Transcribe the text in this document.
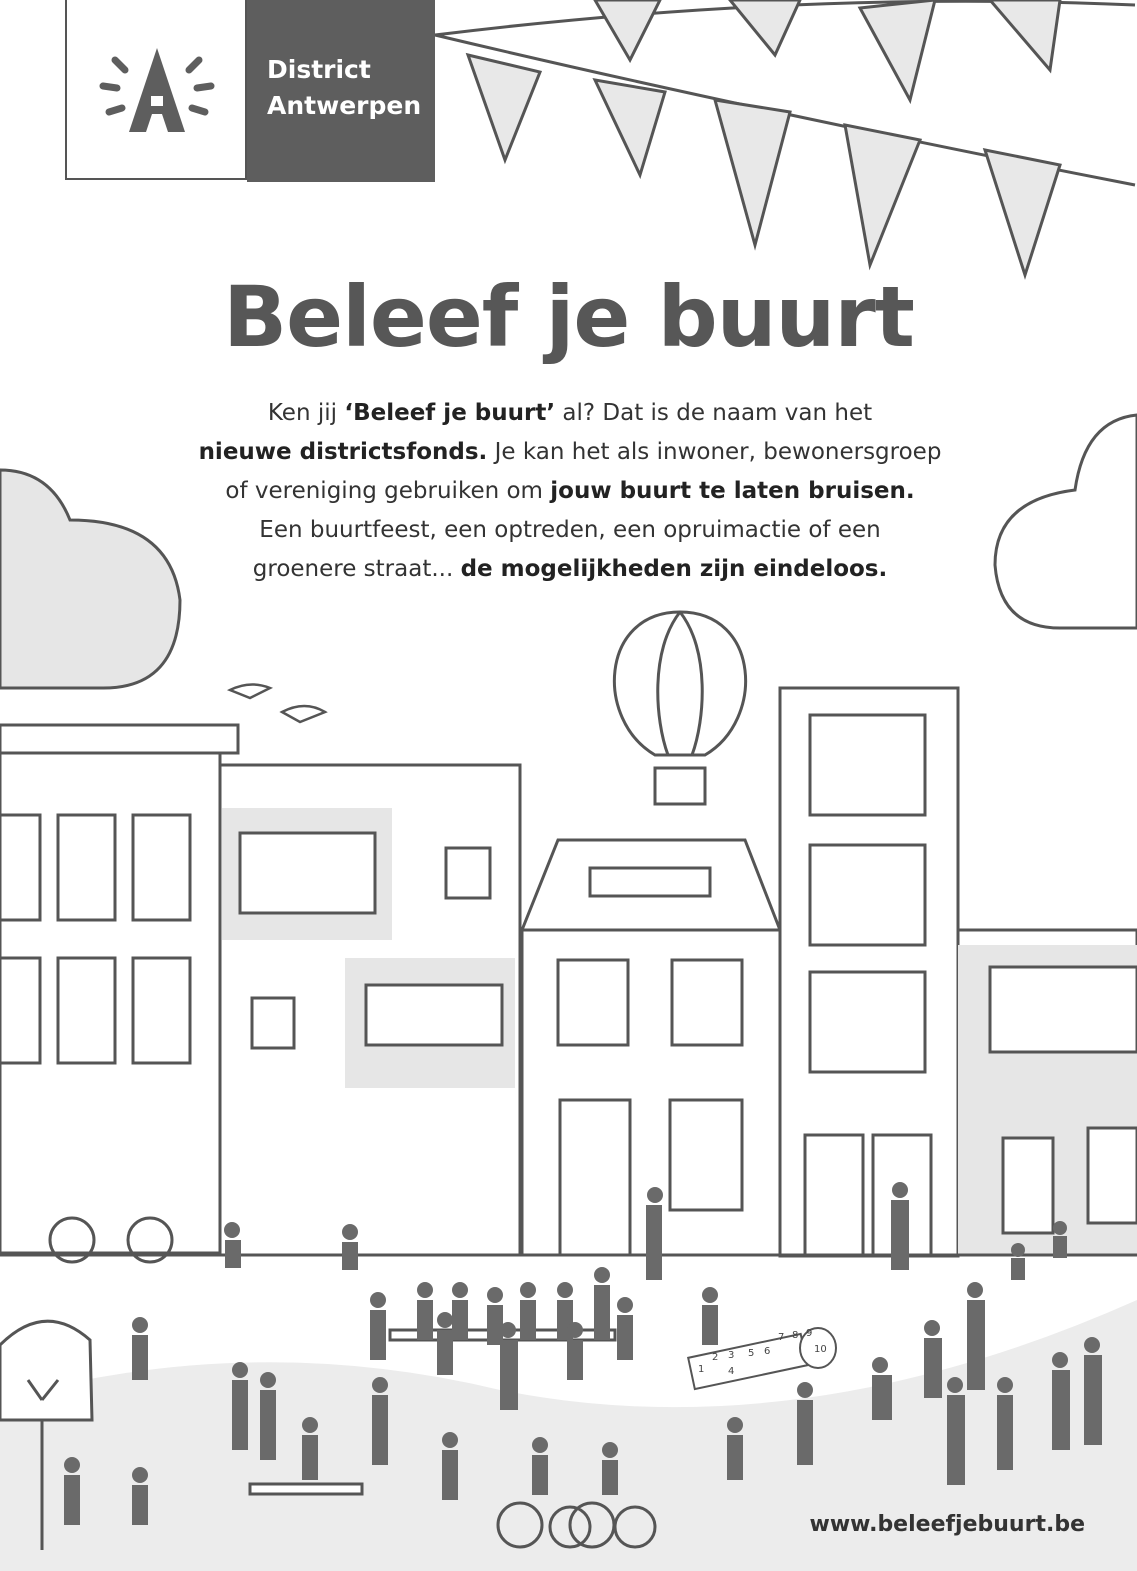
District
Antwerpen
Beleef je buurt
Ken jij ‘Beleef je buurt’ al? Dat is de naam van het
nieuwe districtsfonds. Je kan het als inwoner, bewonersgroep
of vereniging gebruiken om jouw buurt te laten bruisen.
Een buurtfeest, een optreden, een opruimactie of een
groenere straat... de mogelijkheden zijn eindeloos.
1
2 3
4
5 6
7 8 9
10
www.beleefjebuurt.be
